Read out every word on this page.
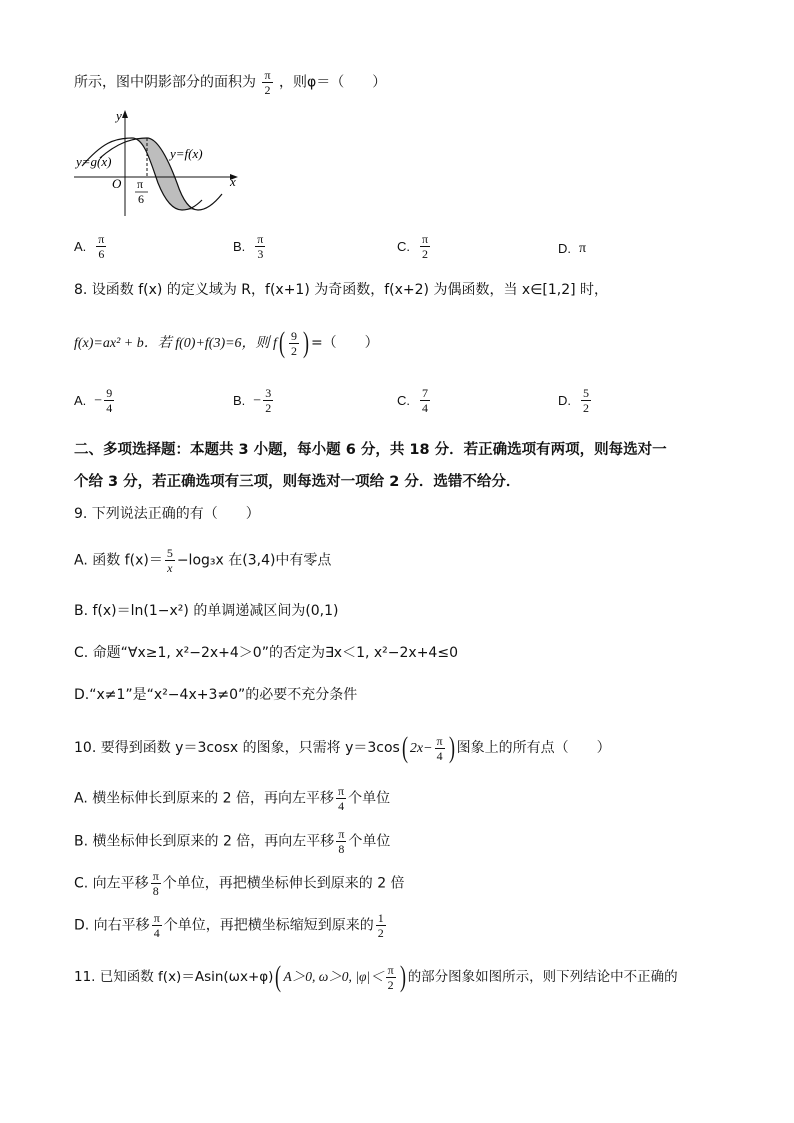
所示，图中阴影部分的面积为 $\frac{\pi}{2}$ ，则φ＝（　　）
y
y=g(x)
y=f(x)
O	x
π
6
A. $\frac{\pi}{6}$	B. $\frac{\pi}{3}$	C. $\frac{\pi}{2}$	D. π
8. 设函数 f(x) 的定义域为 R，f(x+1) 为奇函数，f(x+2) 为偶函数，当 x∈[1,2] 时，
f(x)=ax² + b．若 f(0)+f(3)=6，则 $f( \frac{9}{2}$ ) =（　　）
A. − $\frac{9}{4}$	B. − $\frac{3}{2}$	C. $\frac{7}{4}$	D. $\frac{5}{2}$
二、多项选择题：本题共 3 小题，每小题 6 分，共 18 分．若正确选项有两项，则每选对一
个给 3 分，若正确选项有三项，则每选对一项给 2 分．选错不给分．
9. 下列说法正确的有（　　）
A. 函数 $f(x)= \frac{5}{x} -\log_3x$ 在(3,4)中有零点
B. f(x)＝ln(1−x²) 的单调递减区间为(0,1)
C. 命题“∀x≥1, x²−2x+4＞0”的否定为∃x＜1, x²−2x+4≤0
D.“x≠1”是“x²−4x+3≠0”的必要不充分条件
10. 要得到函数 y＝3cosx 的图象，只需将 y＝3cos( $2x- \frac{\pi}{4}$ ) 图象上的所有点（　　）
A. 横坐标伸长到原来的 2 倍，再向左平移 $\frac{\pi}{4}$ 个单位
B. 横坐标伸长到原来的 2 倍，再向左平移 $\frac{\pi}{8}$ 个单位
C. 向左平移 $\frac{\pi}{8}$ 个单位，再把横坐标伸长到原来的 2 倍
D. 向右平移 $\frac{\pi}{4}$ 个单位，再把横坐标缩短到原来的 $\frac{1}{2}$
11. 已知函数 f(x)＝Asin(ωx+φ)( A＞0, ω＞0, $|\varphi|< \frac{\pi}{2}$ ) 的部分图象如图所示，则下列结论中不正确的
